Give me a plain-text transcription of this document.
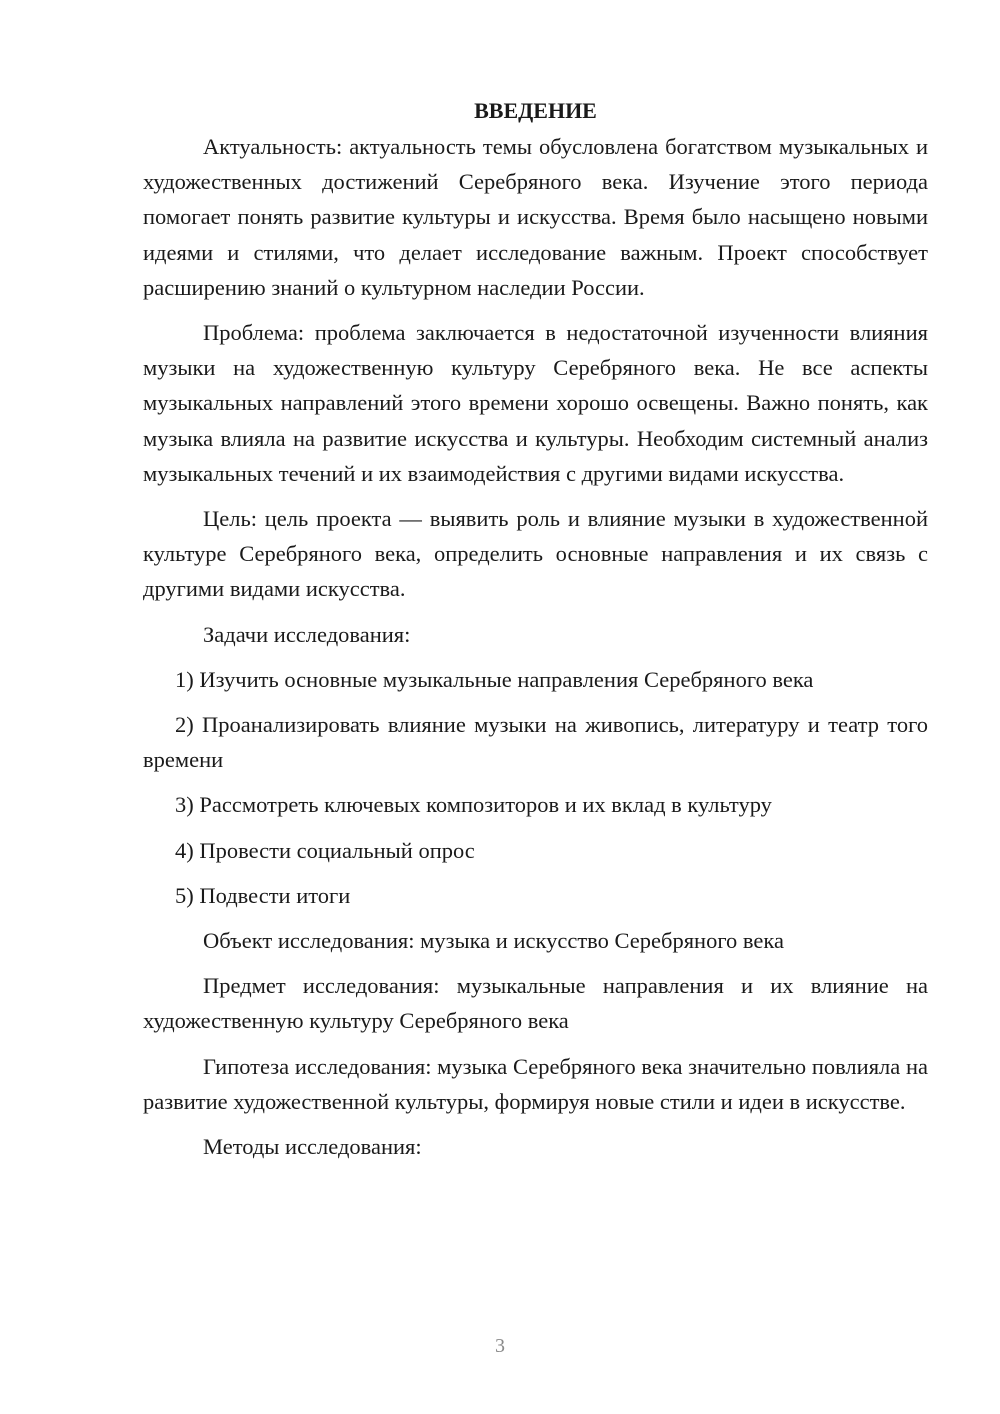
ВВЕДЕНИЕ

Актуальность: актуальность темы обусловлена богатством музыкальных и художественных достижений Серебряного века. Изучение этого периода помогает понять развитие культуры и искусства. Время было насыщено новыми идеями и стилями, что делает исследование важным. Проект способствует расширению знаний о культурном наследии России.

Проблема: проблема заключается в недостаточной изученности влияния музыки на художественную культуру Серебряного века. Не все аспекты музыкальных направлений этого времени хорошо освещены. Важно понять, как музыка влияла на развитие искусства и культуры. Необходим системный анализ музыкальных течений и их взаимодействия с другими видами искусства.

Цель: цель проекта — выявить роль и влияние музыки в художественной культуре Серебряного века, определить основные направления и их связь с другими видами искусства.

Задачи исследования:

1) Изучить основные музыкальные направления Серебряного века

2) Проанализировать влияние музыки на живопись, литературу и театр того времени

3) Рассмотреть ключевых композиторов и их вклад в культуру

4) Провести социальный опрос

5) Подвести итоги

Объект исследования: музыка и искусство Серебряного века

Предмет исследования: музыкальные направления и их влияние на художественную культуру Серебряного века

Гипотеза исследования: музыка Серебряного века значительно повлияла на развитие художественной культуры, формируя новые стили и идеи в искусстве.

Методы исследования:

3
